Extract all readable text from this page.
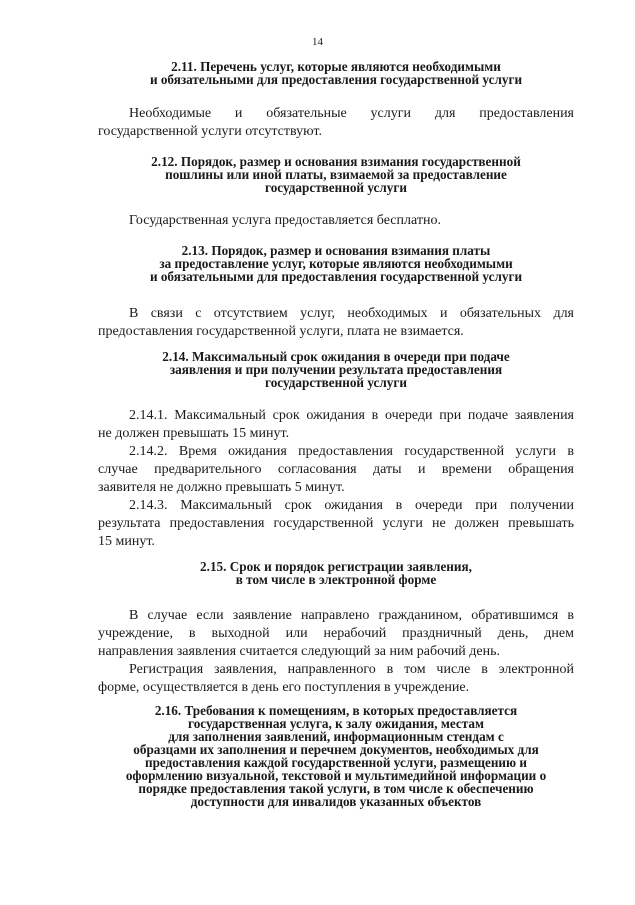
14
2.11. Перечень услуг, которые являются необходимыми
и обязательными для предоставления государственной услуги
Необходимые и обязательные услуги для предоставления
государственной услуги отсутствуют.
2.12. Порядок, размер и основания взимания государственной
пошлины или иной платы, взимаемой за предоставление
государственной услуги
Государственная услуга предоставляется бесплатно.
2.13. Порядок, размер и основания взимания платы
за предоставление услуг, которые являются необходимыми
и обязательными для предоставления государственной услуги
В связи с отсутствием услуг, необходимых и обязательных для
предоставления государственной услуги, плата не взимается.
2.14. Максимальный срок ожидания в очереди при подаче
заявления и при получении результата предоставления
государственной услуги
2.14.1. Максимальный срок ожидания в очереди при подаче заявления
не должен превышать 15 минут.
2.14.2. Время ожидания предоставления государственной услуги в
случае предварительного согласования даты и времени обращения
заявителя не должно превышать 5 минут.
2.14.3. Максимальный срок ожидания в очереди при получении
результата предоставления государственной услуги не должен превышать
15 минут.
2.15. Срок и порядок регистрации заявления,
в том числе в электронной форме
В случае если заявление направлено гражданином, обратившимся в
учреждение, в выходной или нерабочий праздничный день, днем
направления заявления считается следующий за ним рабочий день.
Регистрация заявления, направленного в том числе в электронной
форме, осуществляется в день его поступления в учреждение.
2.16. Требования к помещениям, в которых предоставляется
государственная услуга, к залу ожидания, местам
для заполнения заявлений, информационным стендам с
образцами их заполнения и перечнем документов, необходимых для
предоставления каждой государственной услуги, размещению и
оформлению визуальной, текстовой и мультимедийной информации о
порядке предоставления такой услуги, в том числе к обеспечению
доступности для инвалидов указанных объектов
